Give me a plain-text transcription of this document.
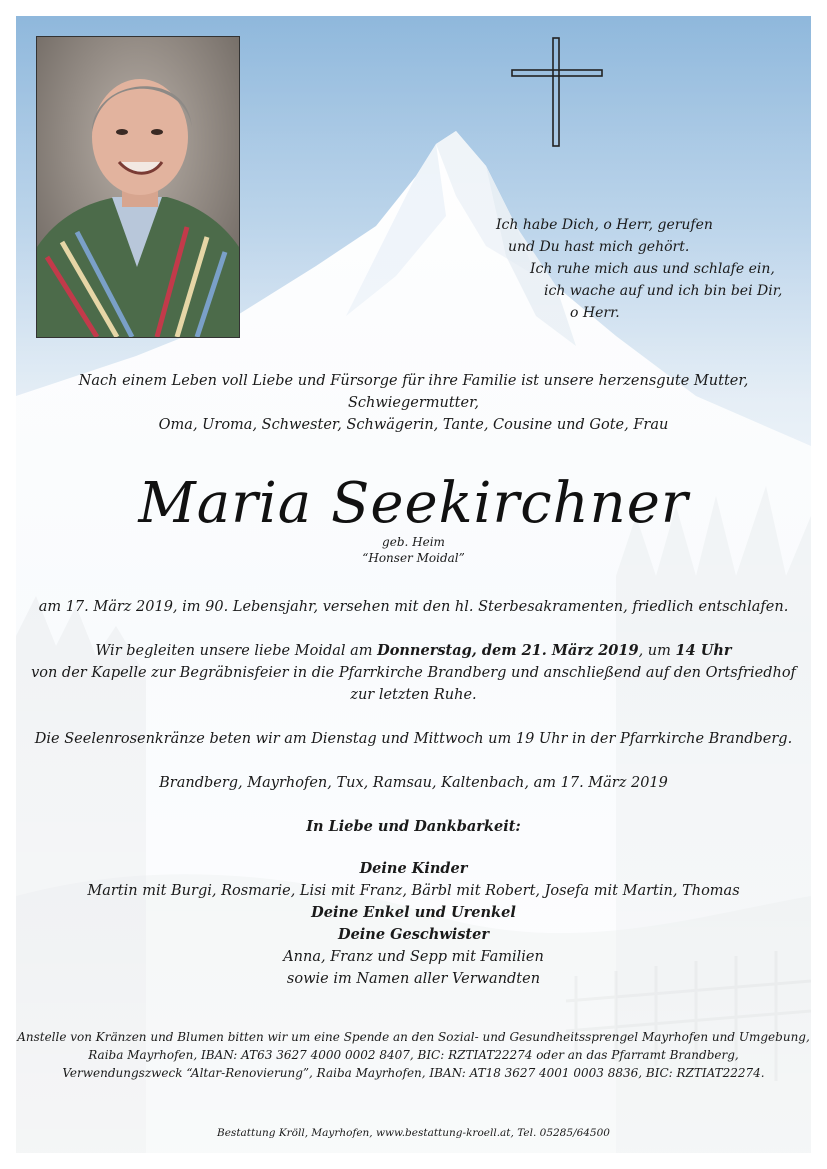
Ich habe Dich, o Herr, gerufen
und Du hast mich gehört.
Ich ruhe mich aus und schlafe ein,
ich wache auf und ich bin bei Dir,
o Herr.
Nach einem Leben voll Liebe und Fürsorge für ihre Familie ist unsere herzensgute Mutter, Schwiegermutter,
Oma, Uroma, Schwester, Schwägerin, Tante, Cousine und Gote, Frau
Maria Seekirchner
geb. Heim
“Honser Moidal”
am 17. März 2019, im 90. Lebensjahr, versehen mit den hl. Sterbesakramenten, friedlich entschlafen.
Wir begleiten unsere liebe Moidal am Donnerstag, dem 21. März 2019, um 14 Uhr
von der Kapelle zur Begräbnisfeier in die Pfarrkirche Brandberg und anschließend auf den Ortsfriedhof
zur letzten Ruhe.
Die Seelenrosenkränze beten wir am Dienstag und Mittwoch um 19 Uhr in der Pfarrkirche Brandberg.
Brandberg, Mayrhofen, Tux, Ramsau, Kaltenbach, am 17. März 2019
In Liebe und Dankbarkeit:
Deine Kinder
Martin mit Burgi, Rosmarie, Lisi mit Franz, Bärbl mit Robert, Josefa mit Martin, Thomas
Deine Enkel und Urenkel
Deine Geschwister
Anna, Franz und Sepp mit Familien
sowie im Namen aller Verwandten
Anstelle von Kränzen und Blumen bitten wir um eine Spende an den Sozial- und Gesundheitssprengel Mayrhofen und Umgebung,
Raiba Mayrhofen, IBAN: AT63 3627 4000 0002 8407, BIC: RZTIAT22274 oder an das Pfarramt Brandberg,
Verwendungszweck “Altar-Renovierung”, Raiba Mayrhofen, IBAN: AT18 3627 4001 0003 8836, BIC: RZTIAT22274.
Bestattung Kröll, Mayrhofen, www.bestattung-kroell.at, Tel. 05285/64500
